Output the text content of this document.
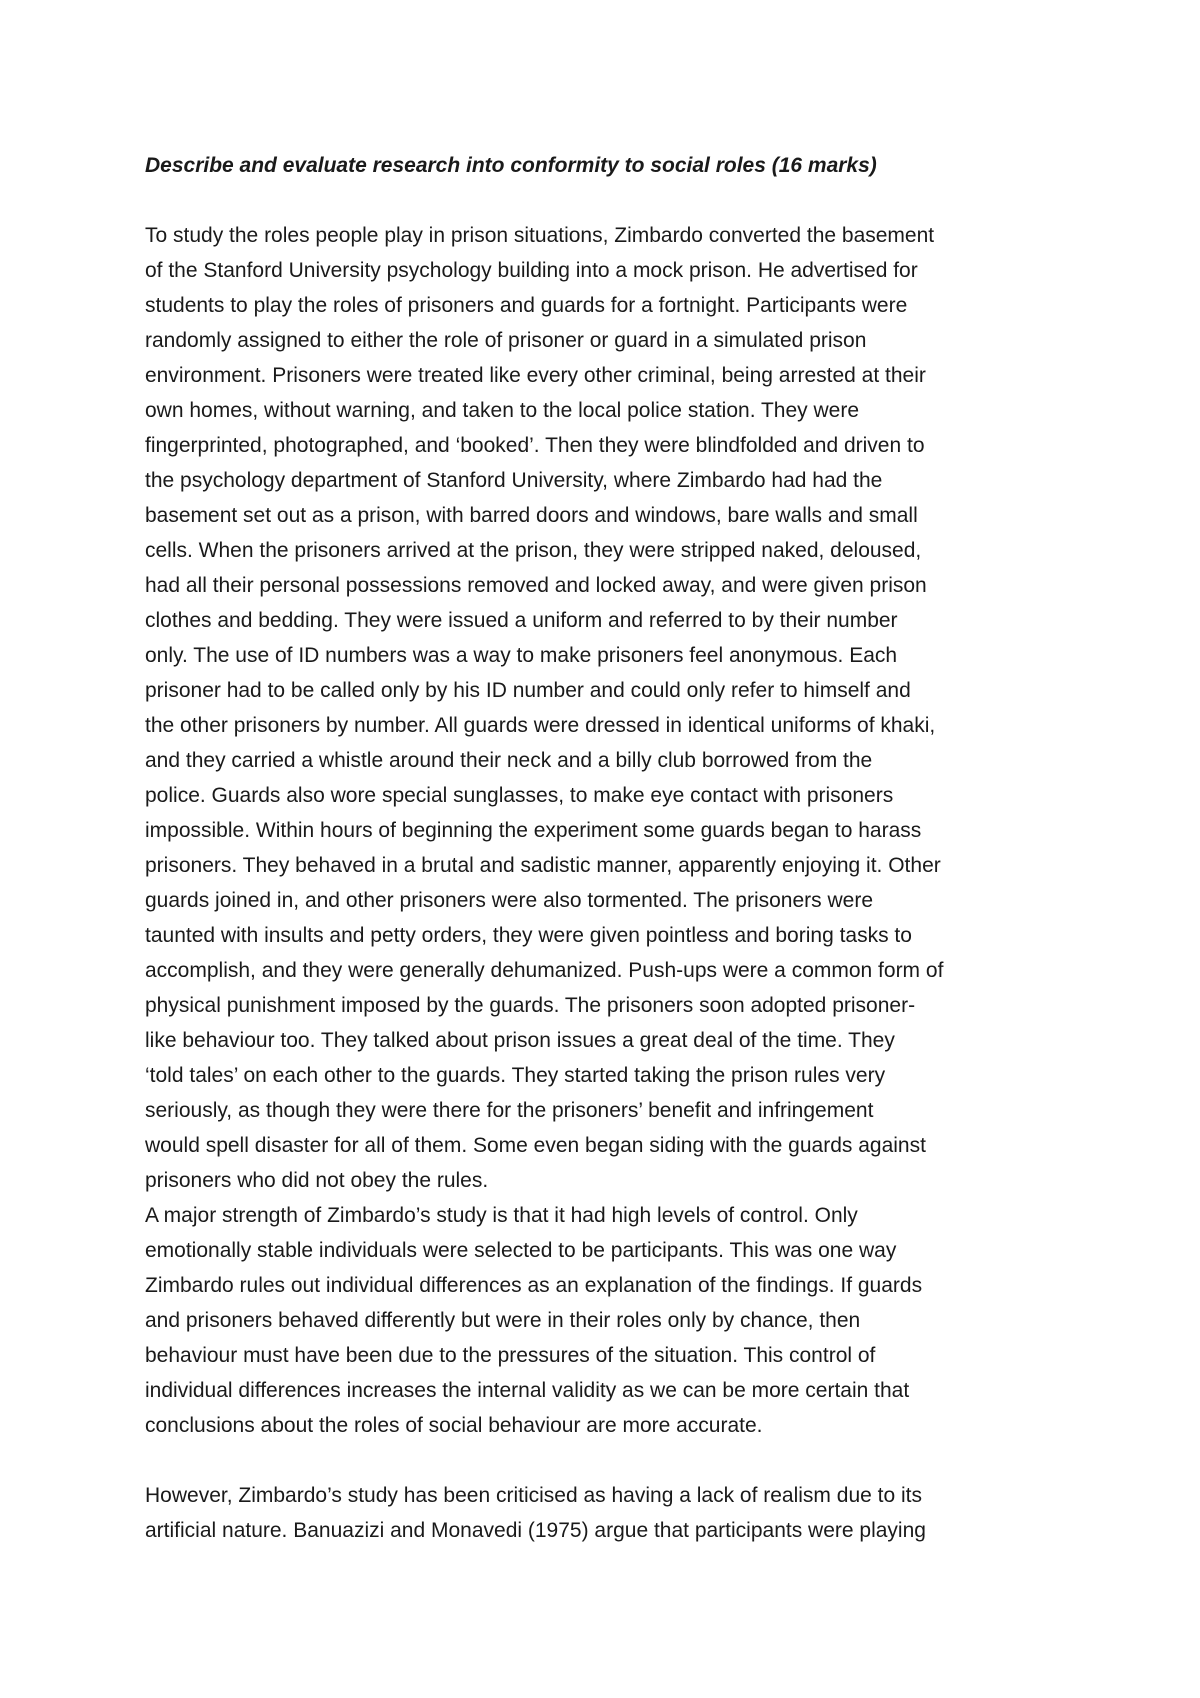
Describe and evaluate research into conformity to social roles (16 marks)

To study the roles people play in prison situations, Zimbardo converted the basement
of the Stanford University psychology building into a mock prison. He advertised for
students to play the roles of prisoners and guards for a fortnight. Participants were
randomly assigned to either the role of prisoner or guard in a simulated prison
environment. Prisoners were treated like every other criminal, being arrested at their
own homes, without warning, and taken to the local police station. They were
fingerprinted, photographed, and ‘booked’. Then they were blindfolded and driven to
the psychology department of Stanford University, where Zimbardo had had the
basement set out as a prison, with barred doors and windows, bare walls and small
cells. When the prisoners arrived at the prison, they were stripped naked, deloused,
had all their personal possessions removed and locked away, and were given prison
clothes and bedding. They were issued a uniform and referred to by their number
only. The use of ID numbers was a way to make prisoners feel anonymous. Each
prisoner had to be called only by his ID number and could only refer to himself and
the other prisoners by number. All guards were dressed in identical uniforms of khaki,
and they carried a whistle around their neck and a billy club borrowed from the
police. Guards also wore special sunglasses, to make eye contact with prisoners
impossible. Within hours of beginning the experiment some guards began to harass
prisoners. They behaved in a brutal and sadistic manner, apparently enjoying it. Other
guards joined in, and other prisoners were also tormented. The prisoners were
taunted with insults and petty orders, they were given pointless and boring tasks to
accomplish, and they were generally dehumanized. Push-ups were a common form of
physical punishment imposed by the guards. The prisoners soon adopted prisoner-
like behaviour too. They talked about prison issues a great deal of the time. They
‘told tales’ on each other to the guards. They started taking the prison rules very
seriously, as though they were there for the prisoners’ benefit and infringement
would spell disaster for all of them. Some even began siding with the guards against
prisoners who did not obey the rules.

A major strength of Zimbardo’s study is that it had high levels of control. Only
emotionally stable individuals were selected to be participants. This was one way
Zimbardo rules out individual differences as an explanation of the findings. If guards
and prisoners behaved differently but were in their roles only by chance, then
behaviour must have been due to the pressures of the situation. This control of
individual differences increases the internal validity as we can be more certain that
conclusions about the roles of social behaviour are more accurate.

However, Zimbardo’s study has been criticised as having a lack of realism due to its
artificial nature. Banuazizi and Monavedi (1975) argue that participants were playing
